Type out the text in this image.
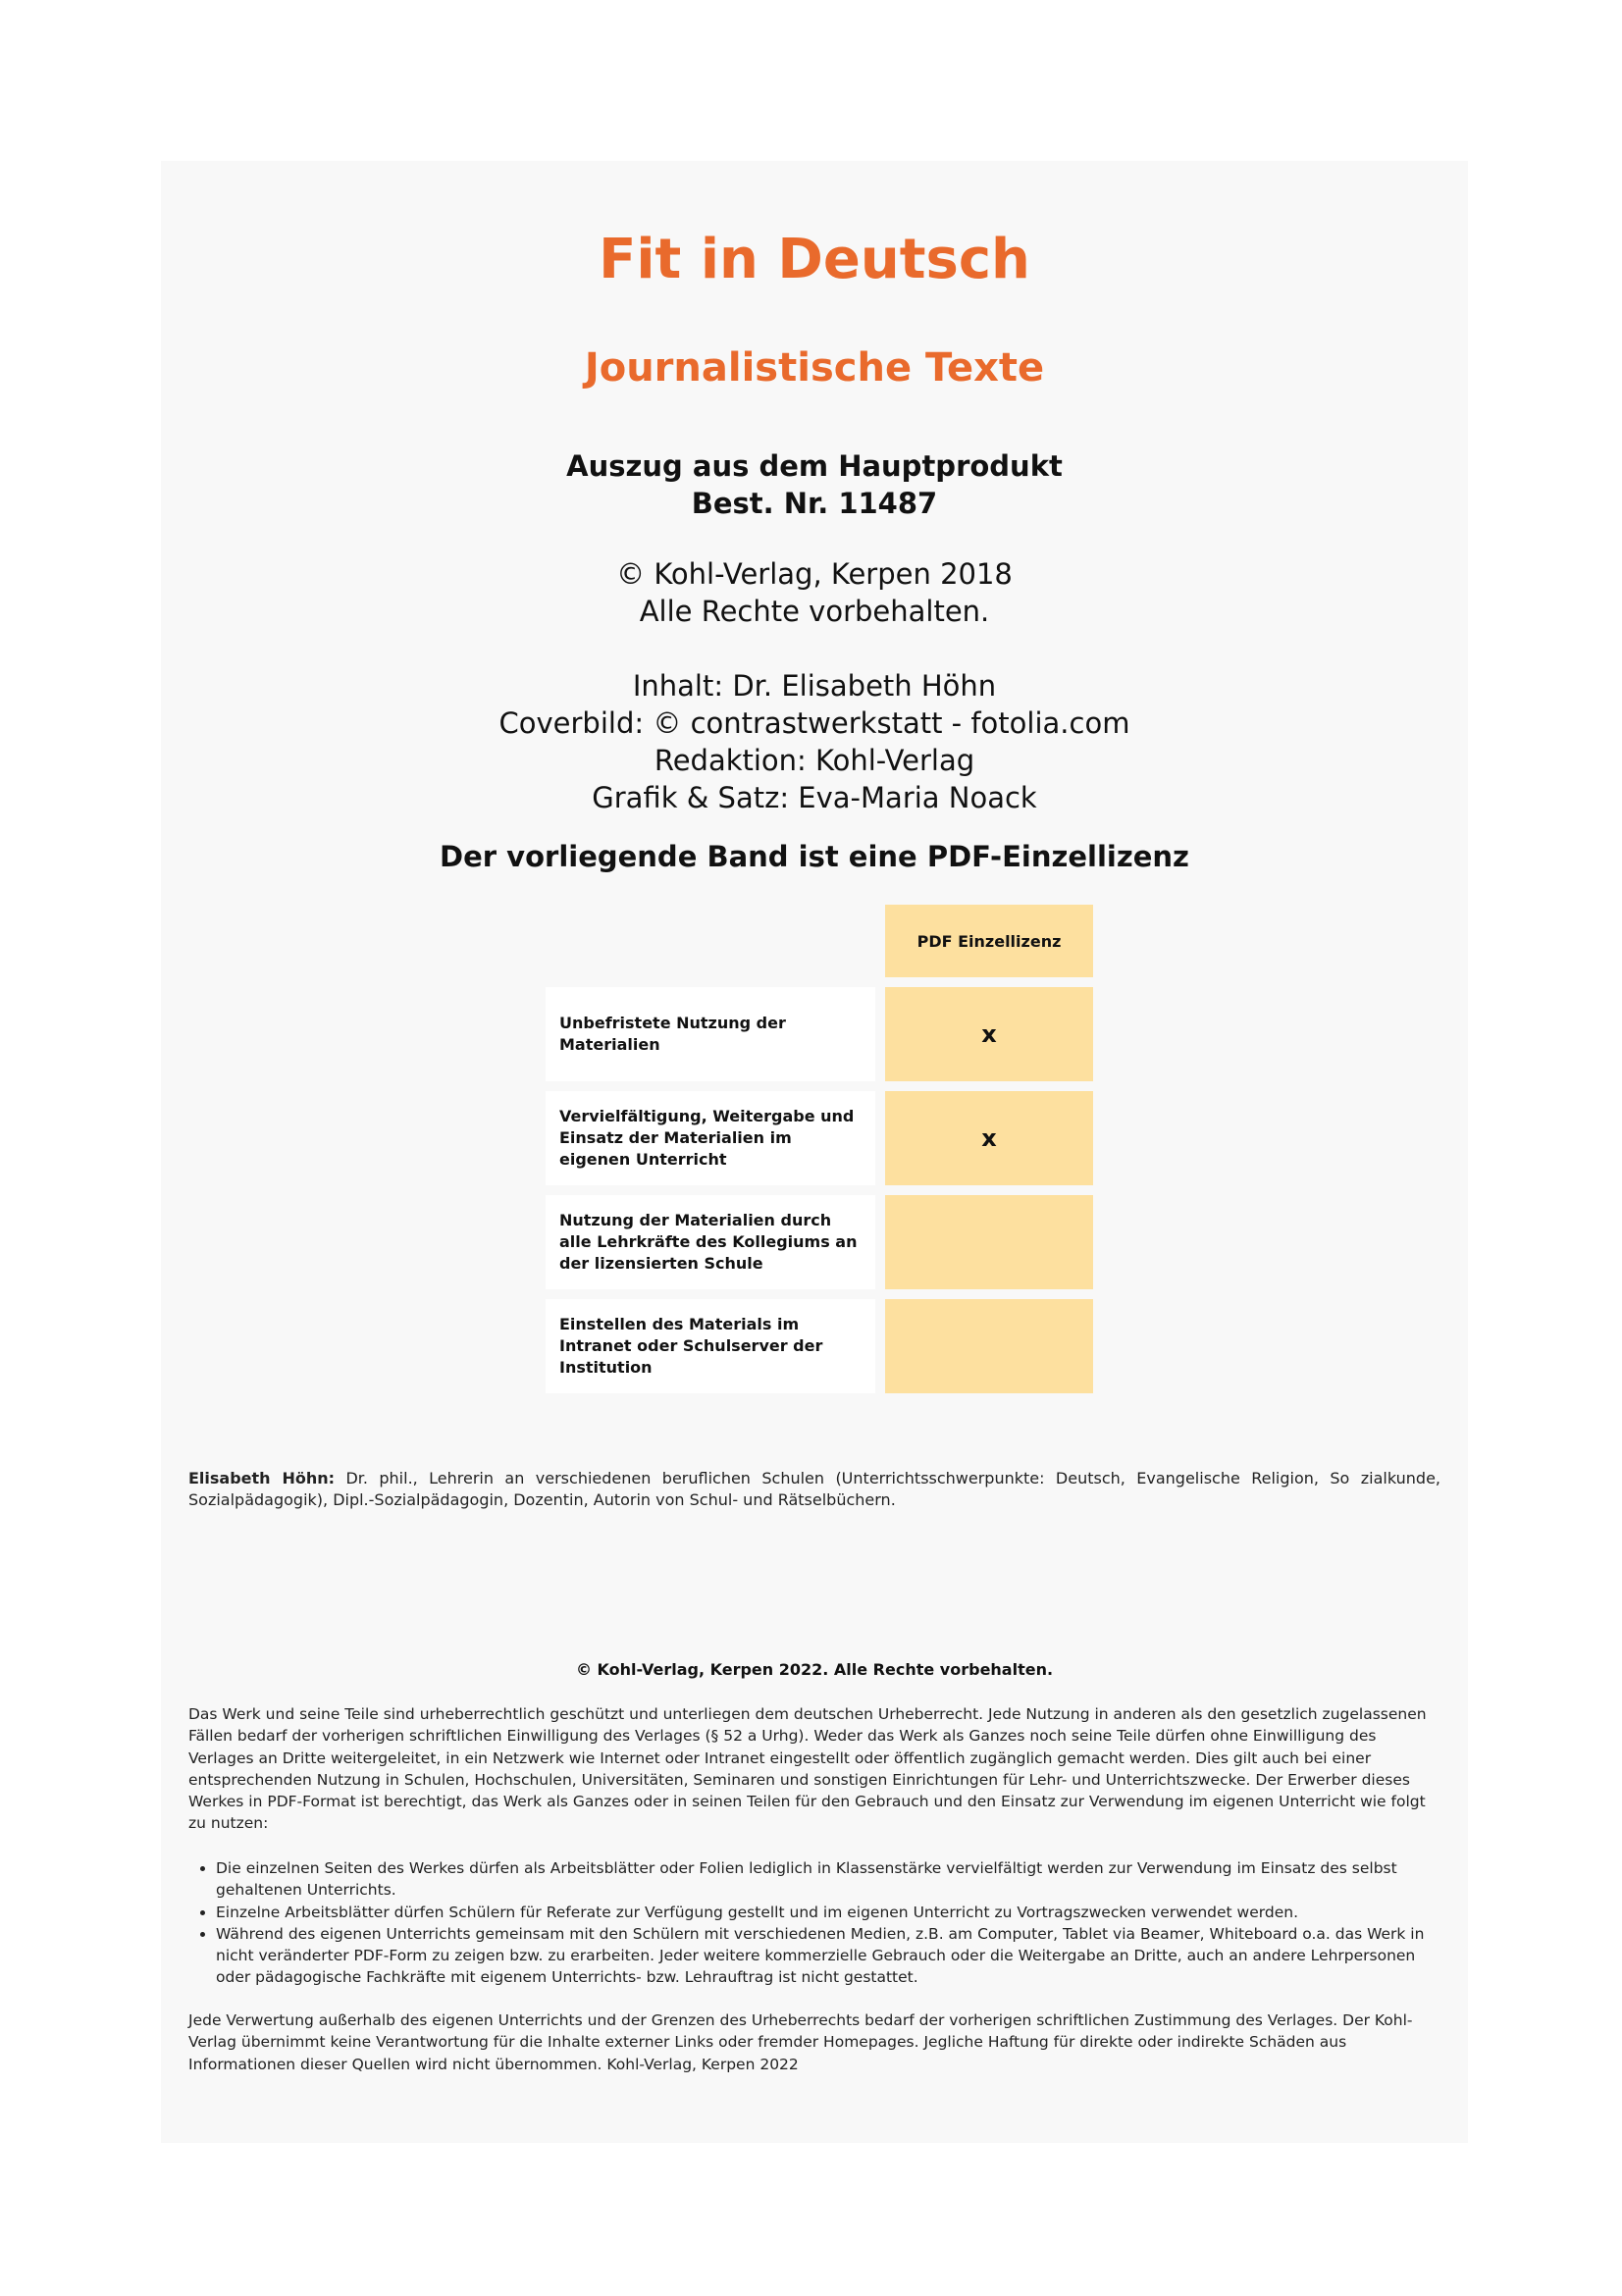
Fit in Deutsch
Journalistische Texte
Auszug aus dem Hauptprodukt
Best. Nr. 11487
© Kohl-Verlag, Kerpen 2018
Alle Rechte vorbehalten.
Inhalt: Dr. Elisabeth Höhn
Coverbild: © contrastwerkstatt - fotolia.com
Redaktion: Kohl-Verlag
Grafik & Satz: Eva-Maria Noack
Der vorliegende Band ist eine PDF-Einzellizenz
PDF Einzellizenz
Unbefristete Nutzung der Materialien	x
Vervielfältigung, Weitergabe und Einsatz der Materialien im eigenen Unterricht
x
Nutzung der Materialien durch alle Lehrkräfte des Kollegiums an der lizensierten Schule
Einstellen des Materials im Intranet oder Schulserver der Institution
Elisabeth Höhn: Dr. phil., Lehrerin an verschiedenen beruflichen Schulen (Unterrichtsschwerpunkte: Deutsch, Evangelische Religion, So zialkunde, Sozialpädagogik), Dipl.-Sozialpädagogin, Dozentin, Autorin von Schul- und Rätselbüchern.
© Kohl-Verlag, Kerpen 2022. Alle Rechte vorbehalten.
Das Werk und seine Teile sind urheberrechtlich geschützt und unterliegen dem deutschen Urheberrecht. Jede Nutzung in anderen als den gesetzlich zugelassenen Fällen bedarf der vorherigen schriftlichen Einwilligung des Verlages (§ 52 a Urhg). Weder das Werk als Ganzes noch seine Teile dürfen ohne Einwilligung des Verlages an Dritte weitergeleitet, in ein Netzwerk wie Internet oder Intranet eingestellt oder öffentlich zugänglich gemacht werden. Dies gilt auch bei einer entsprechenden Nutzung in Schulen, Hochschulen, Universitäten, Seminaren und sonstigen Einrichtungen für Lehr- und Unterrichtszwecke. Der Erwerber dieses Werkes in PDF-Format ist berechtigt, das Werk als Ganzes oder in seinen Teilen für den Gebrauch und den Einsatz zur Verwendung im eigenen Unterricht wie folgt zu nutzen:
• Die einzelnen Seiten des Werkes dürfen als Arbeitsblätter oder Folien lediglich in Klassenstärke vervielfältigt werden zur Verwendung im Einsatz des selbst gehaltenen Unterrichts.
• Einzelne Arbeitsblätter dürfen Schülern für Referate zur Verfügung gestellt und im eigenen Unterricht zu Vortragszwecken verwendet werden.
• Während des eigenen Unterrichts gemeinsam mit den Schülern mit verschiedenen Medien, z.B. am Computer, Tablet via Beamer, Whiteboard o.a. das Werk in nicht veränderter PDF-Form zu zeigen bzw. zu erarbeiten. Jeder weitere kommerzielle Gebrauch oder die Weitergabe an Dritte, auch an andere Lehrpersonen oder pädagogische Fachkräfte mit eigenem Unterrichts- bzw. Lehrauftrag ist nicht gestattet.
Jede Verwertung außerhalb des eigenen Unterrichts und der Grenzen des Urheberrechts bedarf der vorherigen schriftlichen Zustimmung des Verlages. Der Kohl-Verlag übernimmt keine Verantwortung für die Inhalte externer Links oder fremder Homepages. Jegliche Haftung für direkte oder indirekte Schäden aus Informationen dieser Quellen wird nicht übernommen. Kohl-Verlag, Kerpen 2022
